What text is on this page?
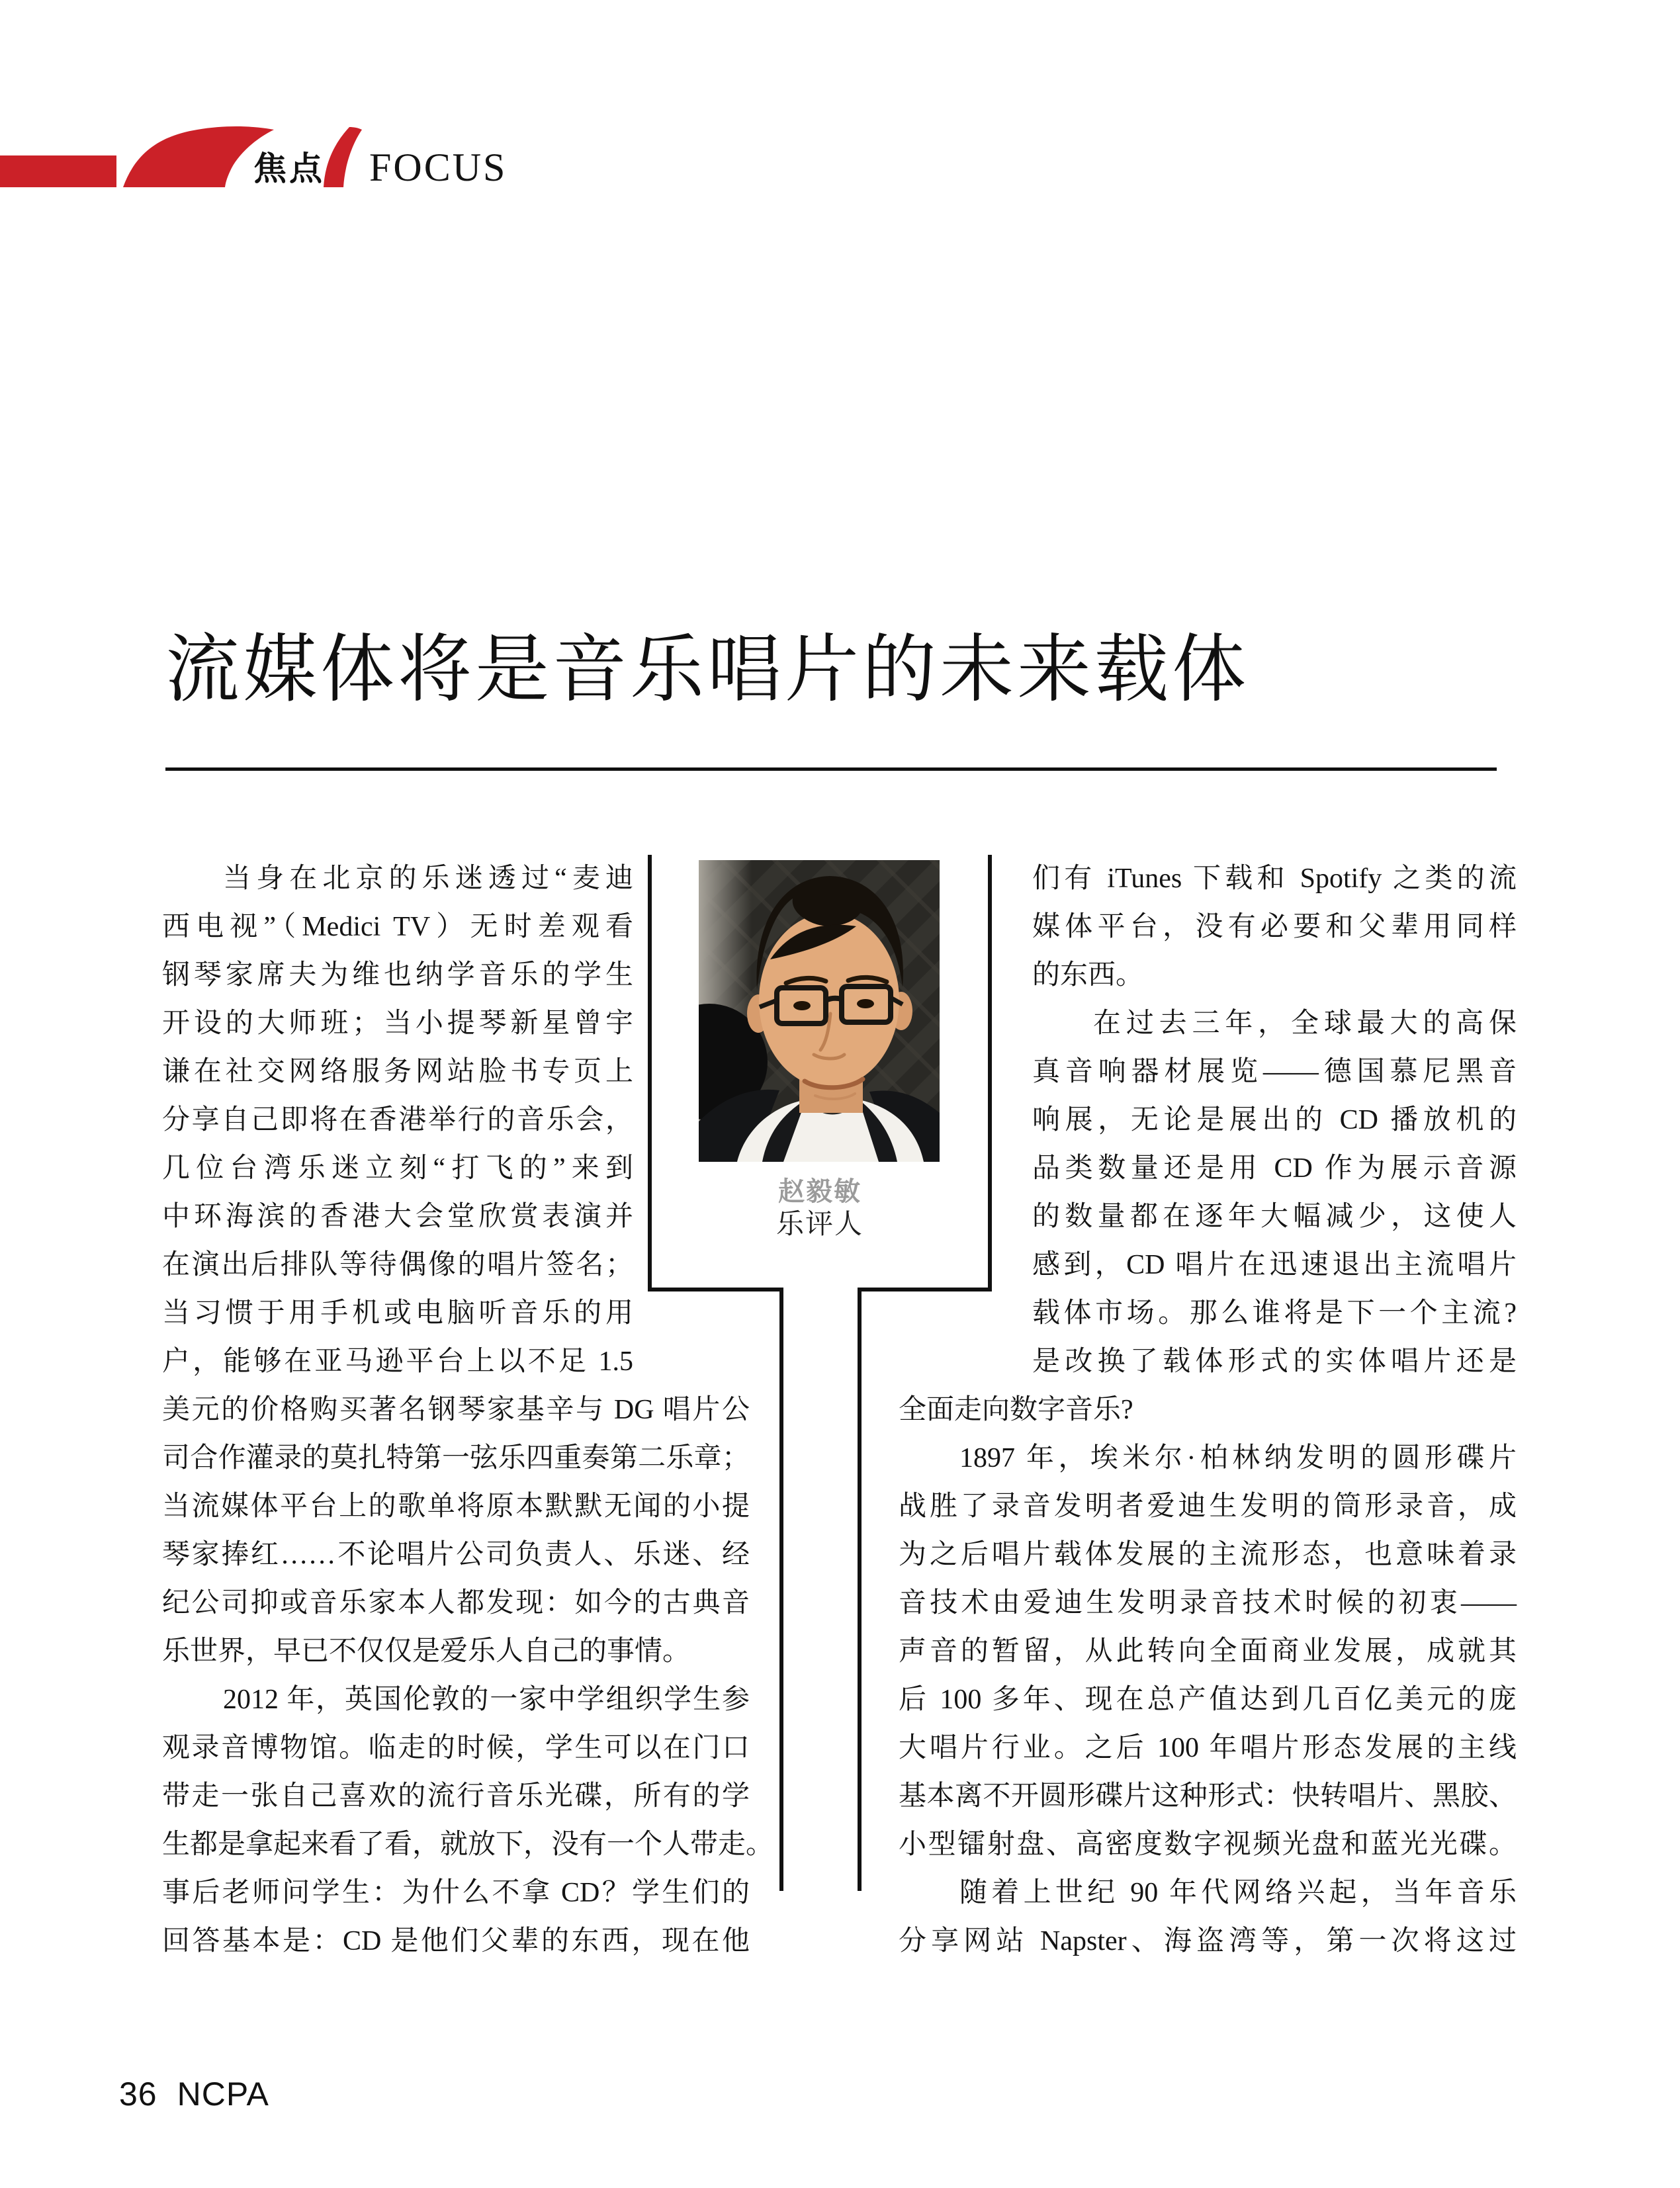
焦点 FOCUS
流媒体将是音乐唱片的未来载体
赵毅敏
乐评人
当身在北京的乐迷透过“麦迪
西电视”（Medici TV）无时差观看
钢琴家席夫为维也纳学音乐的学生
开设的大师班；当小提琴新星曾宇
谦在社交网络服务网站脸书专页上
分享自己即将在香港举行的音乐会，
几位台湾乐迷立刻“打飞的”来到
中环海滨的香港大会堂欣赏表演并
在演出后排队等待偶像的唱片签名；
当习惯于用手机或电脑听音乐的用
户，能够在亚马逊平台上以不足 1.5
美元的价格购买著名钢琴家基辛与 DG 唱片公
司合作灌录的莫扎特第一弦乐四重奏第二乐章；
当流媒体平台上的歌单将原本默默无闻的小提
琴家捧红……不论唱片公司负责人、乐迷、经
纪公司抑或音乐家本人都发现：如今的古典音
乐世界，早已不仅仅是爱乐人自己的事情。
2012 年，英国伦敦的一家中学组织学生参
观录音博物馆。临走的时候，学生可以在门口
带走一张自己喜欢的流行音乐光碟，所有的学
生都是拿起来看了看，就放下，没有一个人带走。
事后老师问学生：为什么不拿 CD？学生们的
回答基本是：CD 是他们父辈的东西，现在他
们有 iTunes 下载和 Spotify 之类的流
媒体平台，没有必要和父辈用同样
的东西。
在过去三年，全球最大的高保
真音响器材展览——德国慕尼黑音
响展，无论是展出的 CD 播放机的
品类数量还是用 CD 作为展示音源
的数量都在逐年大幅减少，这使人
感到，CD 唱片在迅速退出主流唱片
载体市场。那么谁将是下一个主流?
是改换了载体形式的实体唱片还是
全面走向数字音乐?
1897 年，埃米尔·柏林纳发明的圆形碟片
战胜了录音发明者爱迪生发明的筒形录音，成
为之后唱片载体发展的主流形态，也意味着录
音技术由爱迪生发明录音技术时候的初衷——
声音的暂留，从此转向全面商业发展，成就其
后 100 多年、现在总产值达到几百亿美元的庞
大唱片行业。之后 100 年唱片形态发展的主线
基本离不开圆形碟片这种形式：快转唱片、黑胶、
小型镭射盘、高密度数字视频光盘和蓝光光碟。
随着上世纪 90 年代网络兴起，当年音乐
分享网站 Napster、海盗湾等，第一次将这过
36 NCPA
